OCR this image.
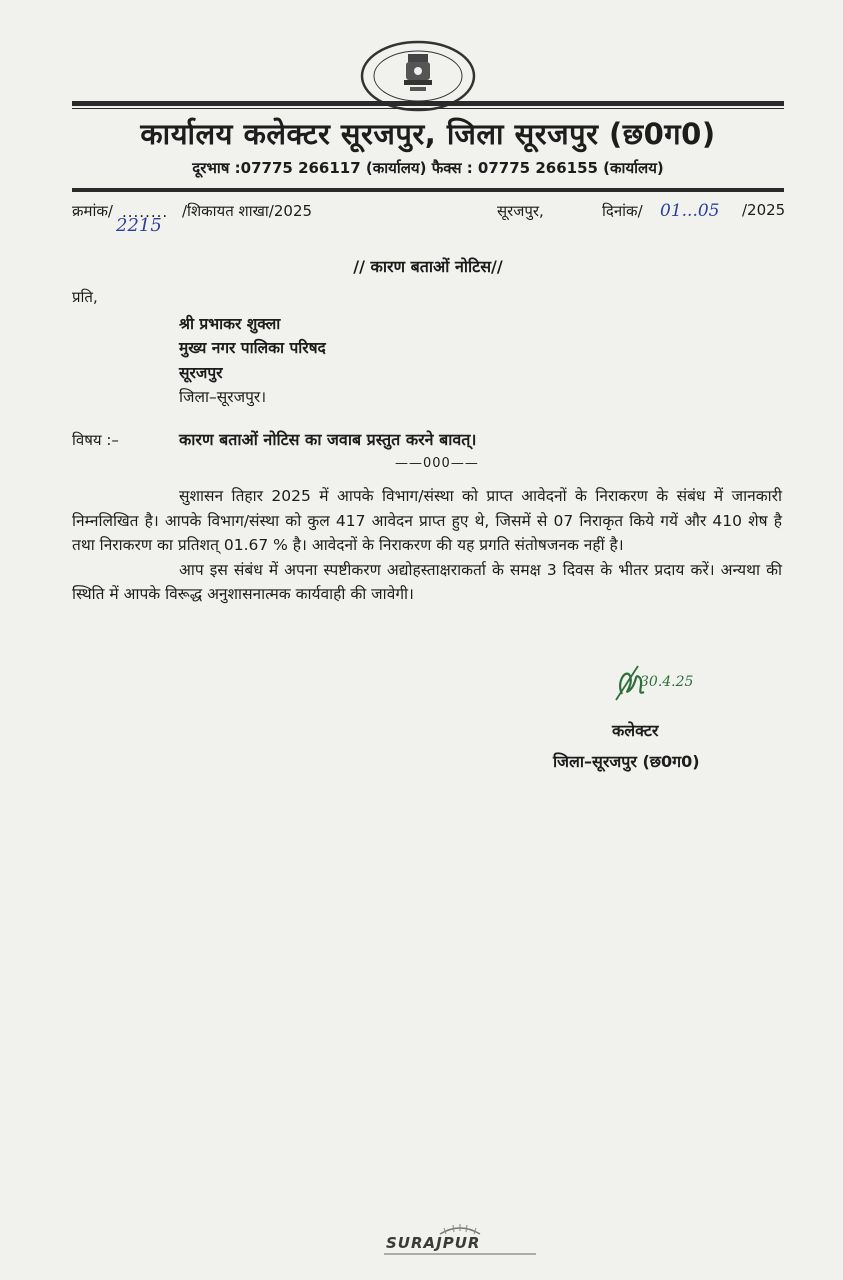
कार्यालय कलेक्टर सूरजपुर, जिला सूरजपुर (छ0ग0)
दूरभाष :07775 266117 (कार्यालय) फैक्स : 07775 266155 (कार्यालय)
क्रमांक/ ........
2215
/शिकायत शाखा/2025	सूरजपुर,	दिनांक/ 01...05 /2025
// कारण बताओं नोटिस//
प्रति,
श्री प्रभाकर शुक्ला
मुख्य नगर पालिका परिषद
सूरजपुर
जिला–सूरजपुर।
विषय :–	कारण बताओं नोटिस का जवाब प्रस्तुत करने बावत्।
——000——

सुशासन तिहार 2025 में आपके विभाग/संस्था को प्राप्त आवेदनों के निराकरण के संबंध में जानकारी निम्नलिखित है। आपके विभाग/संस्था को कुल 417 आवेदन प्राप्त हुए थे, जिसमें से 07 निराकृत किये गयें और 410 शेष है तथा निराकरण का प्रतिशत् 01.67 % है। आवेदनों के निराकरण की यह प्रगति संतोषजनक नहीं है।

आप इस संबंध में अपना स्पष्टीकरण अद्योहस्ताक्षराकर्ता के समक्ष 3 दिवस के भीतर प्रदाय करें। अन्यथा की स्थिति में आपके विरूद्ध अनुशासनात्मक कार्यवाही की जावेगी।

30.4.25
कलेक्टर
जिला–सूरजपुर (छ0ग0)
SURAJPUR
